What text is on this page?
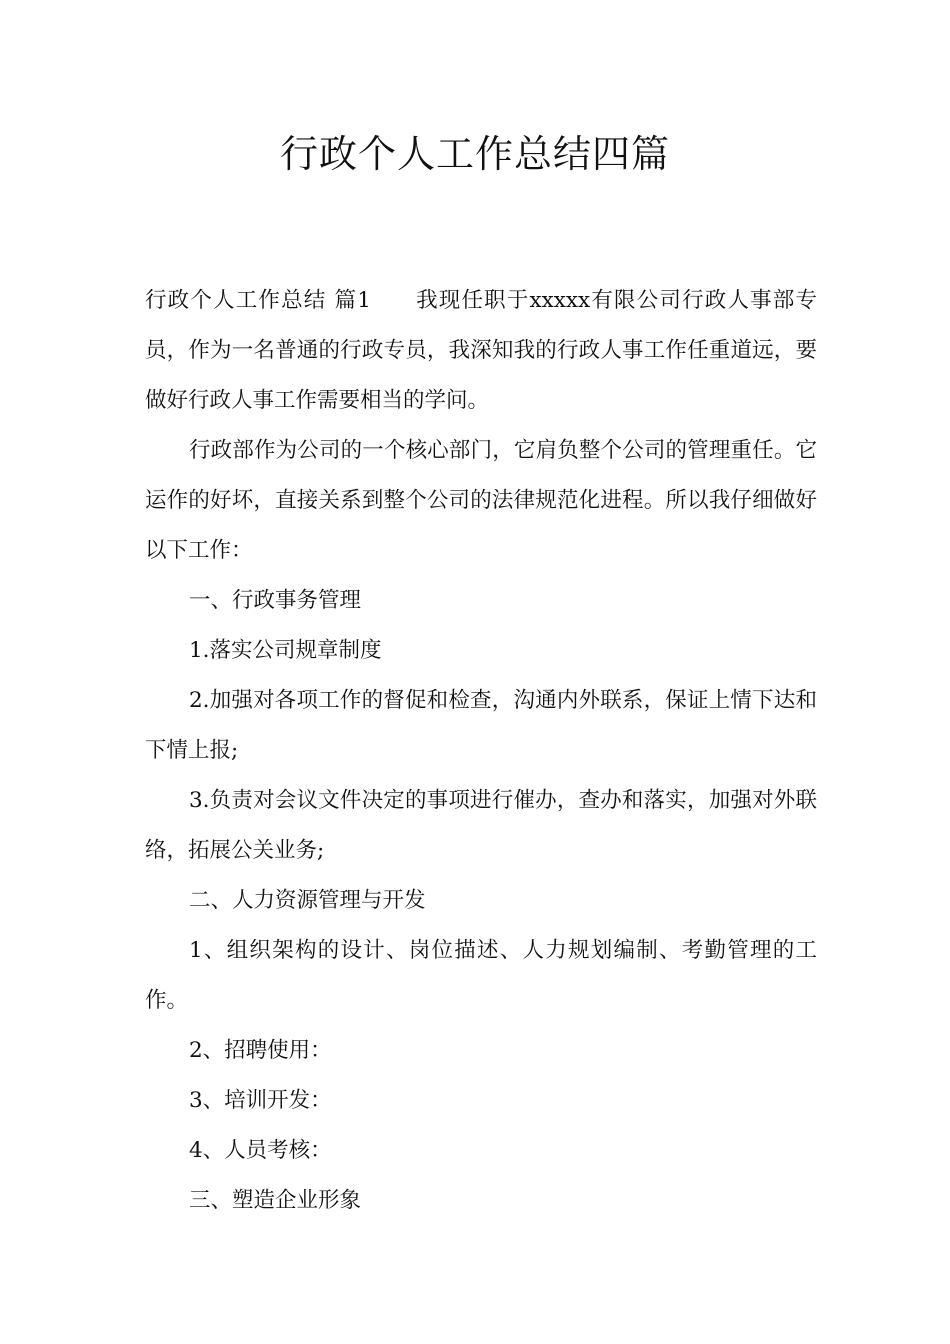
行政个人工作总结四篇

行政个人工作总结 篇1 我现任职于xxxxx有限公司行政人事部专员，作为一名普通的行政专员，我深知我的行政人事工作任重道远，要做好行政人事工作需要相当的学问。

行政部作为公司的一个核心部门，它肩负整个公司的管理重任。它运作的好坏，直接关系到整个公司的法律规范化进程。所以我仔细做好以下工作：

一、行政事务管理

1.落实公司规章制度

2.加强对各项工作的督促和检查，沟通内外联系，保证上情下达和下情上报;

3.负责对会议文件决定的事项进行催办，查办和落实，加强对外联络，拓展公关业务;

二、人力资源管理与开发

1、组织架构的设计、岗位描述、人力规划编制、考勤管理的工作。

2、招聘使用：

3、培训开发：

4、人员考核：

三、塑造企业形象
